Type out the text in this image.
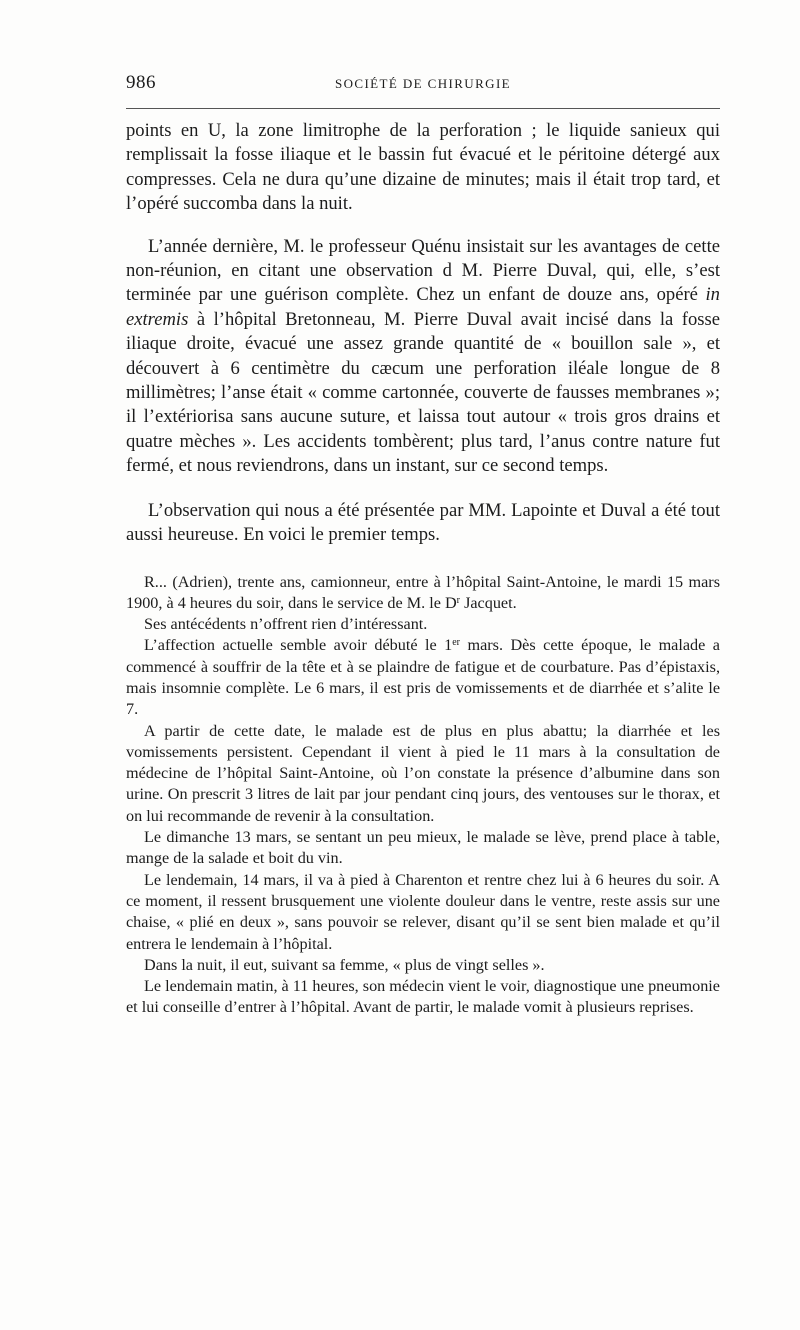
986	SOCIÉTÉ DE CHIRURGIE

points en U, la zone limitrophe de la perforation ; le liquide sanieux qui remplissait la fosse iliaque et le bassin fut évacué et le péritoine détergé aux compresses. Cela ne dura qu’une dizaine de minutes; mais il était trop tard, et l’opéré succomba dans la nuit.

L’année dernière, M. le professeur Quénu insistait sur les avantages de cette non-réunion, en citant une observation d M. Pierre Duval, qui, elle, s’est terminée par une guérison complète. Chez un enfant de douze ans, opéré in extremis à l’hôpital Bretonneau, M. Pierre Duval avait incisé dans la fosse iliaque droite, évacué une assez grande quantité de « bouillon sale », et découvert à 6 centimètre du cæcum une perforation iléale longue de 8 millimètres; l’anse était « comme cartonnée, couverte de fausses membranes »; il l’extériorisa sans aucune suture, et laissa tout autour « trois gros drains et quatre mèches ». Les accidents tombèrent; plus tard, l’anus contre nature fut fermé, et nous reviendrons, dans un instant, sur ce second temps.

L’observation qui nous a été présentée par MM. Lapointe et Duval a été tout aussi heureuse. En voici le premier temps.

R... (Adrien), trente ans, camionneur, entre à l’hôpital Saint-Antoine, le mardi 15 mars 1900, à 4 heures du soir, dans le service de M. le $D^r$ Jacquet.

Ses antécédents n’offrent rien d’intéressant.

L’affection actuelle semble avoir débuté le 1er mars. Dès cette époque, le malade a commencé à souffrir de la tête et à se plaindre de fatigue et de courbature. Pas d’épistaxis, mais insomnie complète. Le 6 mars, il est pris de vomissements et de diarrhée et s’alite le 7.

A partir de cette date, le malade est de plus en plus abattu; la diarrhée et les vomissements persistent. Cependant il vient à pied le 11 mars à la consultation de médecine de l’hôpital Saint-Antoine, où l’on constate la présence d’albumine dans son urine. On prescrit 3 litres de lait par jour pendant cinq jours, des ventouses sur le thorax, et on lui recommande de revenir à la consultation.

Le dimanche 13 mars, se sentant un peu mieux, le malade se lève, prend place à table, mange de la salade et boit du vin.

Le lendemain, 14 mars, il va à pied à Charenton et rentre chez lui à 6 heures du soir. A ce moment, il ressent brusquement une violente douleur dans le ventre, reste assis sur une chaise, « plié en deux », sans pouvoir se relever, disant qu’il se sent bien malade et qu’il entrera le lendemain à l’hôpital.

Dans la nuit, il eut, suivant sa femme, « plus de vingt selles ».

Le lendemain matin, à 11 heures, son médecin vient le voir, diagnostique une pneumonie et lui conseille d’entrer à l’hôpital. Avant de partir, le malade vomit à plusieurs reprises.
